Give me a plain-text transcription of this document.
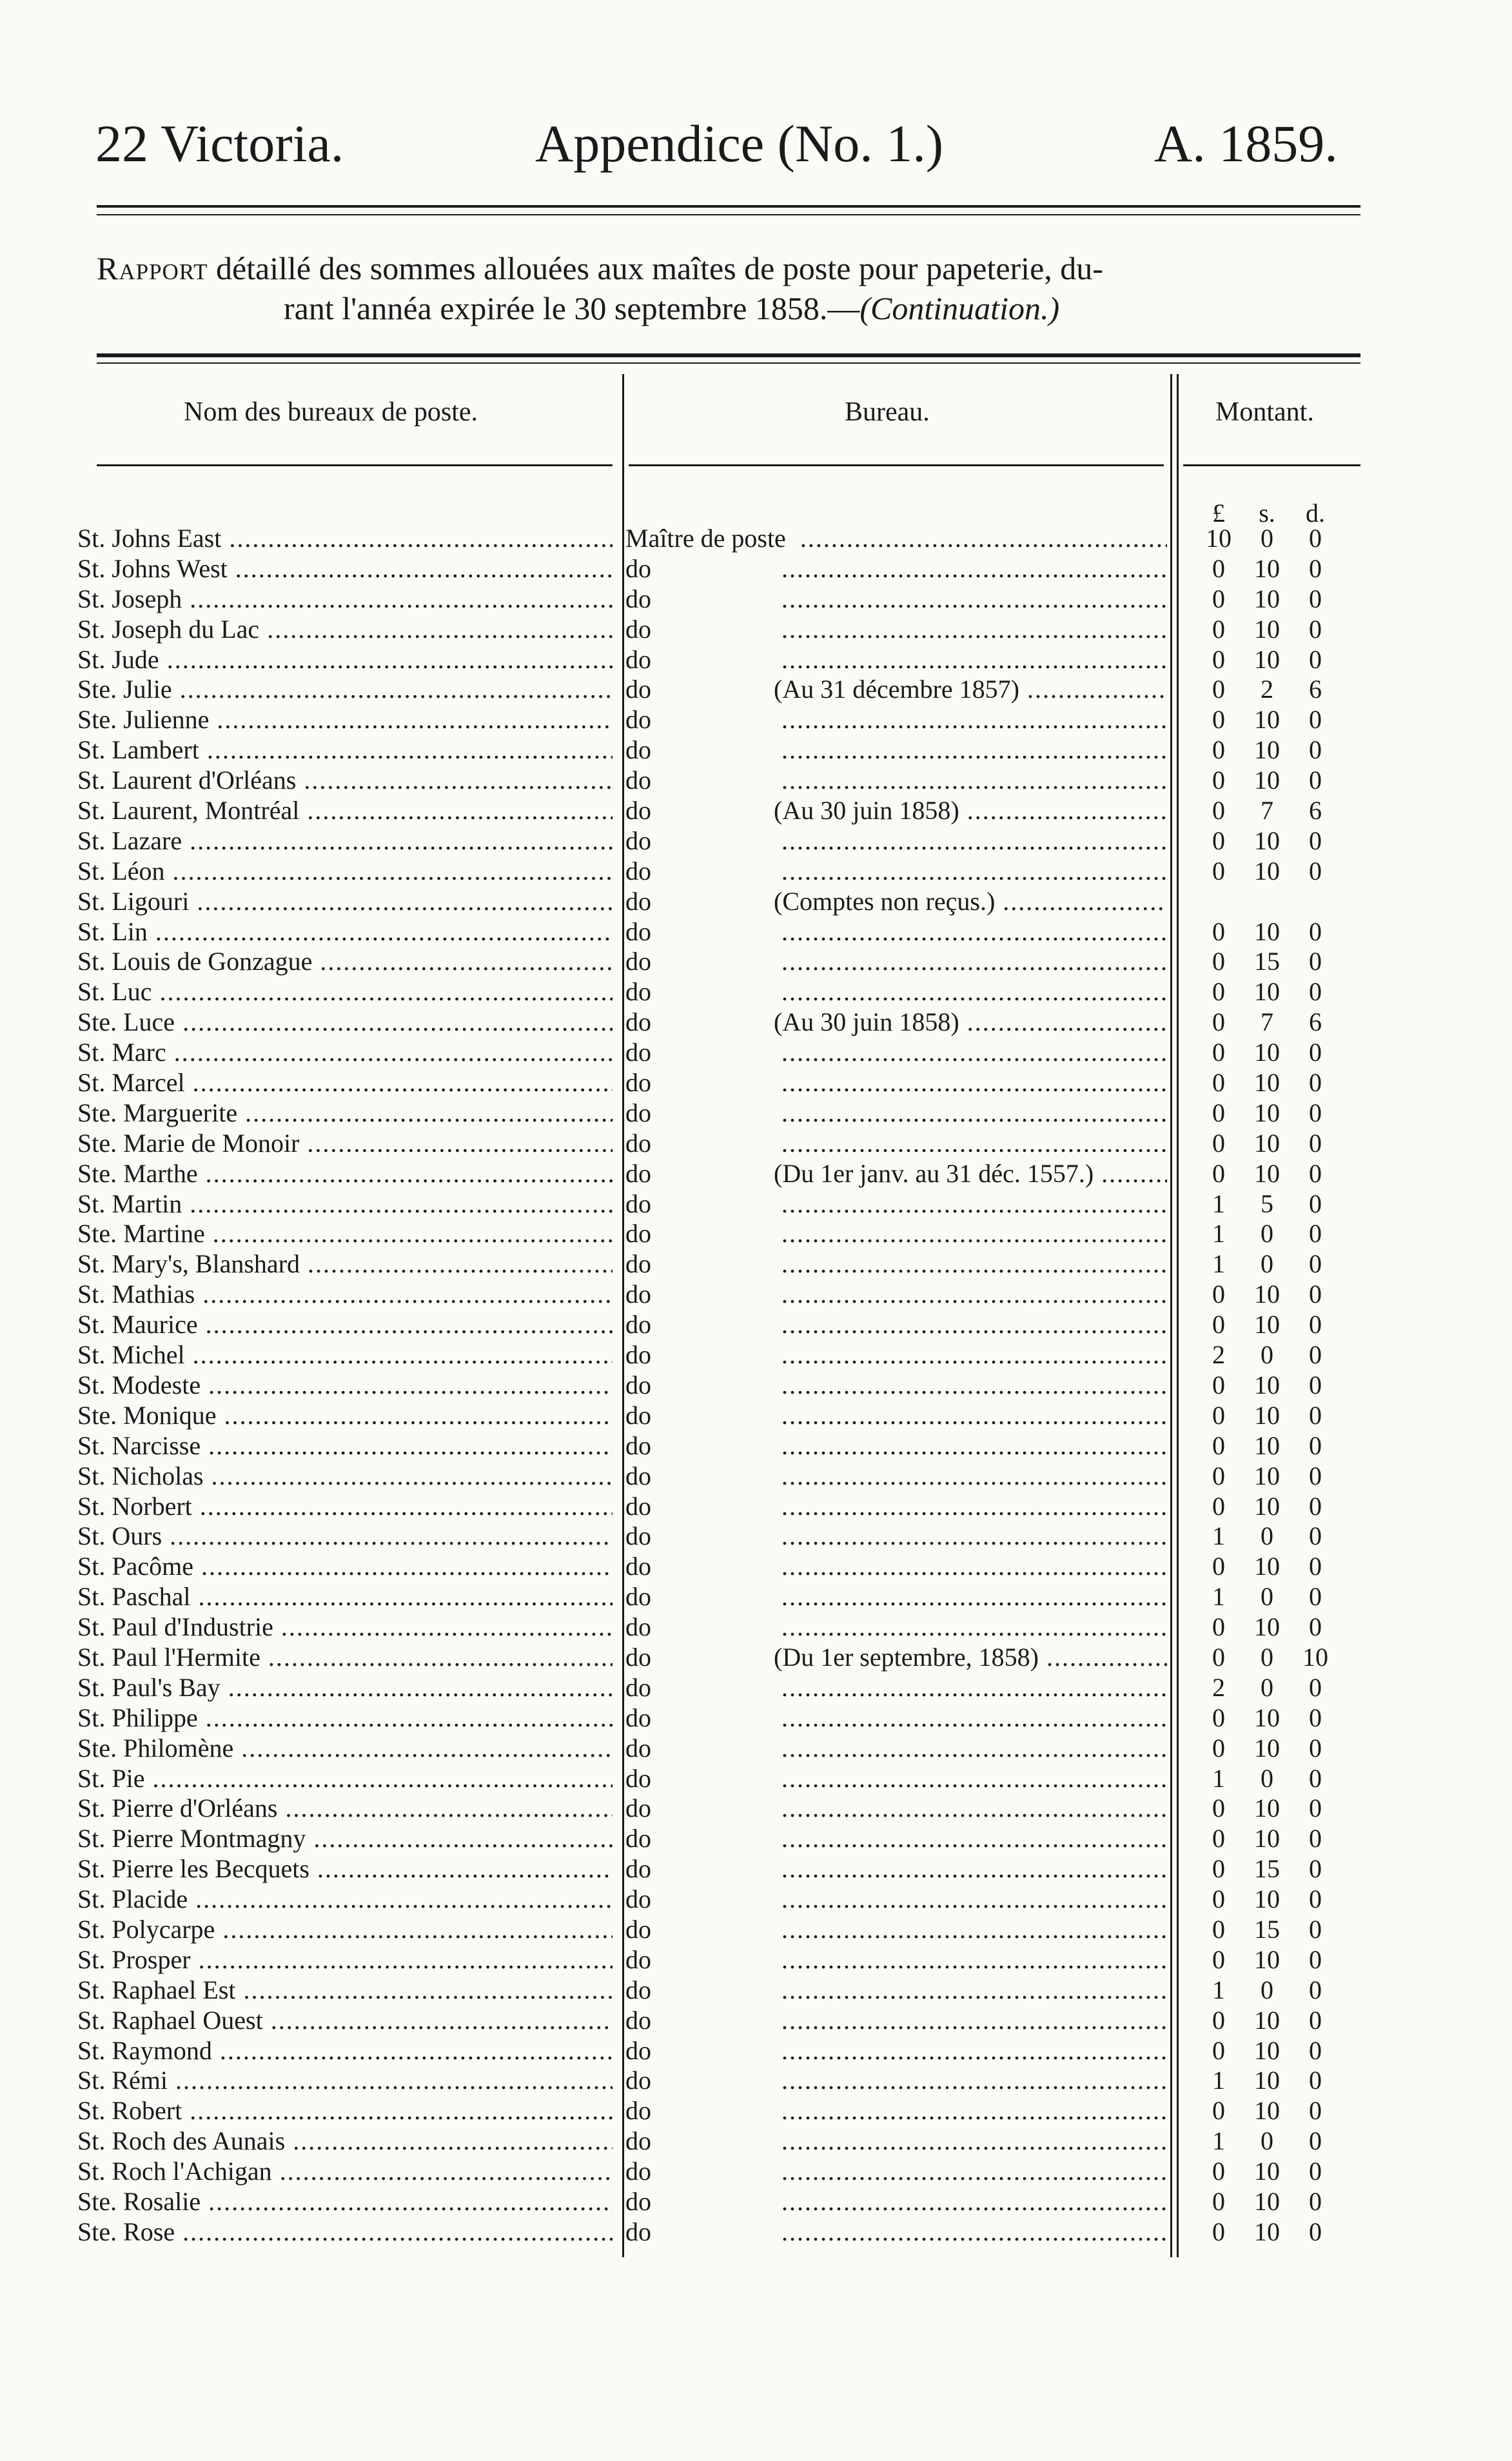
22 Victoria.	Appendice (No. 1.)	A. 1859.
Rapport détaillé des sommes allouées aux maîtes de poste pour papeterie, du-
rant l'annéa expirée le 30 septembre 1858.—(Continuation.)
Nom des bureaux de poste.	Bureau.	Montant.
£	s.	d.
St. Johns East .....	Maître de poste .....	10	0	0
St. Johns West .....	do .....	0	10	0
St. Joseph .....	do .....	0	10	0
St. Joseph du Lac .....	do .....	0	10	0
St. Jude .....	do .....	0	10	0
Ste. Julie .....	do	(Au 31 décembre 1857) .....	0	2	6
Ste. Julienne .....	do .....	0	10	0
St. Lambert .....	do .....	0	10	0
St. Laurent d'Orléans .....	do .....	0	10	0
St. Laurent, Montréal .....	do	(Au 30 juin 1858) .....	0	7	6
St. Lazare .....	do .....	0	10	0
St. Léon .....	do .....	0	10	0
St. Ligouri .....	do	(Comptes non reçus.) .....
St. Lin .....	do .....	0	10	0
St. Louis de Gonzague .....	do .....	0	15	0
St. Luc .....	do .....	0	10	0
Ste. Luce .....	do	(Au 30 juin 1858) .....	0	7	6
St. Marc .....	do .....	0	10	0
St. Marcel .....	do .....	0	10	0
Ste. Marguerite .....	do .....	0	10	0
Ste. Marie de Monoir .....	do .....	0	10	0
Ste. Marthe .....	do	(Du 1er janv. au 31 déc. 1557.) .....	0	10	0
St. Martin .....	do .....	1	5	0
Ste. Martine .....	do .....	1	0	0
St. Mary's, Blanshard .....	do .....	1	0	0
St. Mathias .....	do .....	0	10	0
St. Maurice .....	do .....	0	10	0
St. Michel .....	do .....	2	0	0
St. Modeste .....	do .....	0	10	0
Ste. Monique .....	do .....	0	10	0
St. Narcisse .....	do .....	0	10	0
St. Nicholas .....	do .....	0	10	0
St. Norbert .....	do .....	0	10	0
St. Ours .....	do .....	1	0	0
St. Pacôme .....	do .....	0	10	0
St. Paschal .....	do .....	1	0	0
St. Paul d'Industrie .....	do .....	0	10	0
St. Paul l'Hermite .....	do	(Du 1er septembre, 1858) .....	0	0	10
St. Paul's Bay .....	do .....	2	0	0
St. Philippe .....	do .....	0	10	0
Ste. Philomène .....	do .....	0	10	0
St. Pie .....	do .....	1	0	0
St. Pierre d'Orléans .....	do .....	0	10	0
St. Pierre Montmagny .....	do .....	0	10	0
St. Pierre les Becquets .....	do .....	0	15	0
St. Placide .....	do .....	0	10	0
St. Polycarpe .....	do .....	0	15	0
St. Prosper .....	do .....	0	10	0
St. Raphael Est .....	do .....	1	0	0
St. Raphael Ouest .....	do .....	0	10	0
St. Raymond .....	do .....	0	10	0
St. Rémi .....	do .....	1	10	0
St. Robert .....	do .....	0	10	0
St. Roch des Aunais .....	do .....	1	0	0
St. Roch l'Achigan .....	do .....	0	10	0
Ste. Rosalie .....	do .....	0	10	0
Ste. Rose .....	do .....	0	10	0
